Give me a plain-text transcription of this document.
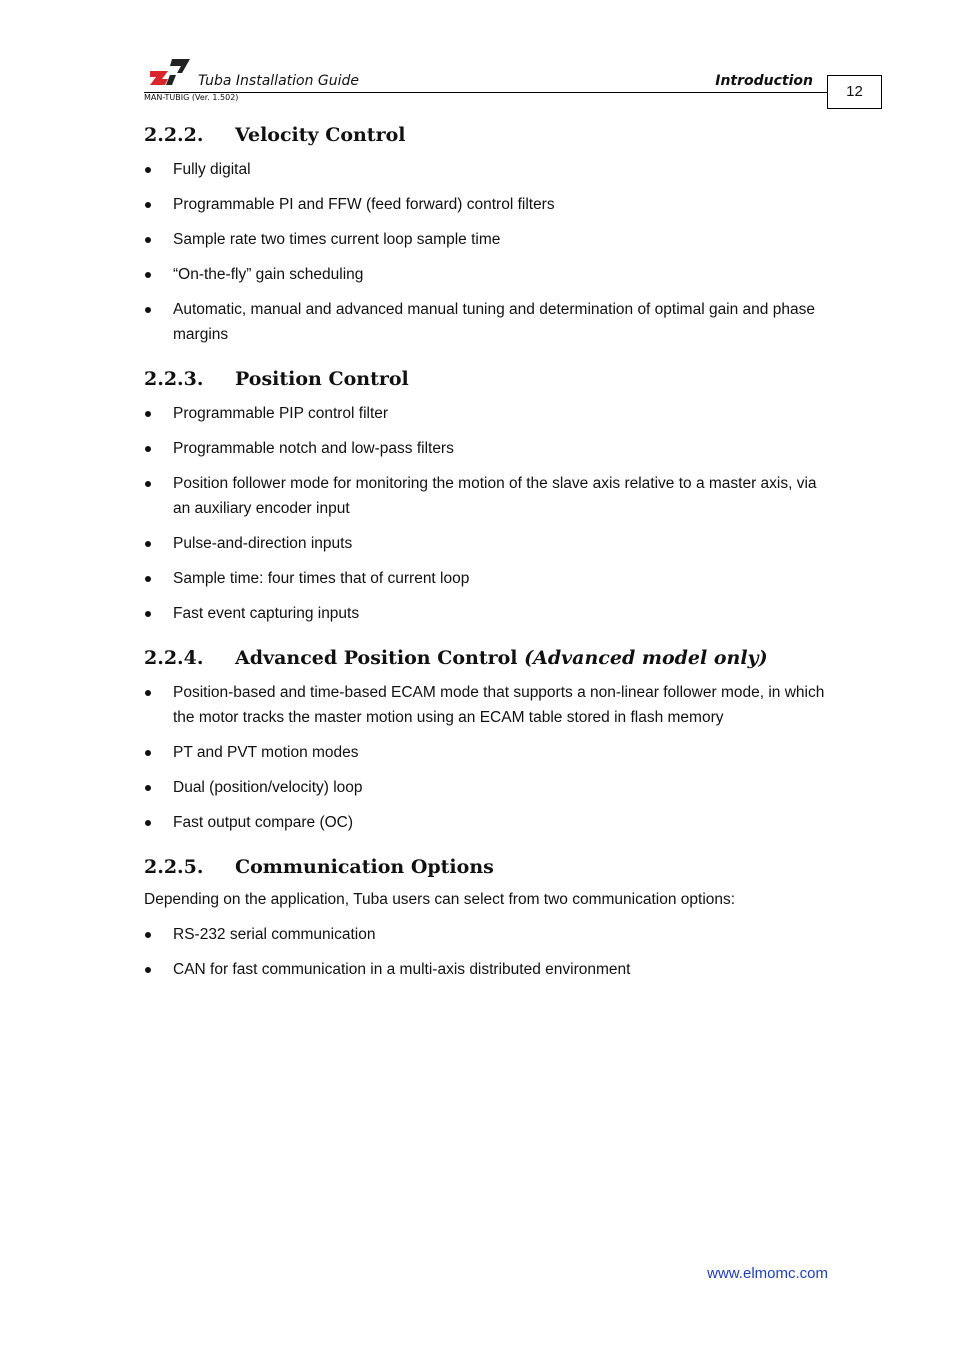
Tuba Installation Guide	Introduction
MAN-TUBIG (Ver. 1.502)	12
2.2.2. Velocity Control
Fully digital
Programmable PI and FFW (feed forward) control filters
Sample rate two times current loop sample time
“On-the-fly” gain scheduling
Automatic, manual and advanced manual tuning and determination of optimal gain and phase margins
2.2.3. Position Control
Programmable PIP control filter
Programmable notch and low-pass filters
Position follower mode for monitoring the motion of the slave axis relative to a master axis, via an auxiliary encoder input
Pulse-and-direction inputs
Sample time: four times that of current loop
Fast event capturing inputs
2.2.4. Advanced Position Control (Advanced model only)
Position-based and time-based ECAM mode that supports a non-linear follower mode, in which the motor tracks the master motion using an ECAM table stored in flash memory
PT and PVT motion modes
Dual (position/velocity) loop
Fast output compare (OC)
2.2.5. Communication Options
Depending on the application, Tuba users can select from two communication options:
RS-232 serial communication
CAN for fast communication in a multi-axis distributed environment
www.elmomc.com
